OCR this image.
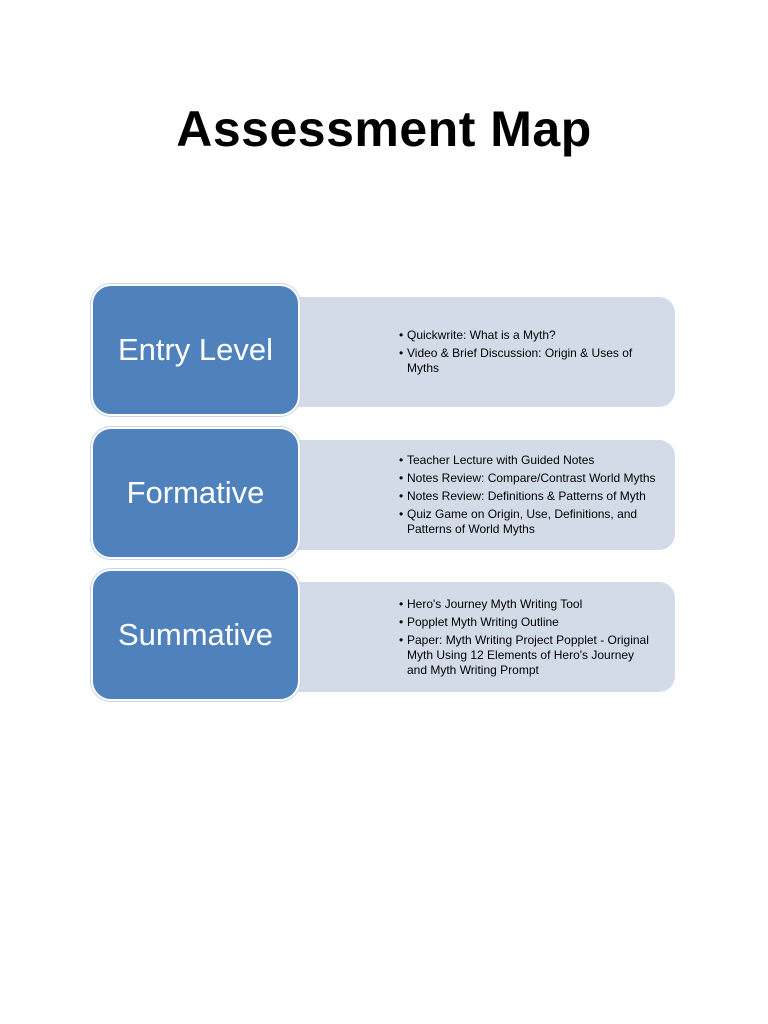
Assessment Map
• Quickwrite: What is a Myth?
• Video & Brief Discussion: Origin & Uses of Myths
Entry Level
• Teacher Lecture with Guided Notes
• Notes Review: Compare/Contrast World Myths
• Notes Review: Definitions & Patterns of Myth
• Quiz Game on Origin, Use, Definitions, and Patterns of World Myths
Formative
• Hero's Journey Myth Writing Tool
• Popplet Myth Writing Outline
• Paper: Myth Writing Project Popplet - Original Myth Using 12 Elements of Hero's Journey and Myth Writing Prompt
Summative
